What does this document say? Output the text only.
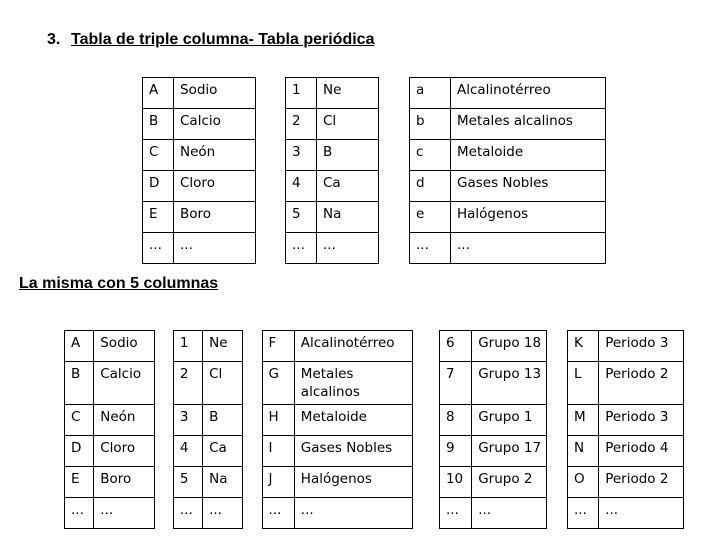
3. Tabla de triple columna- Tabla periódica
A	Sodio		1	Ne		a	Alcalinotérreo
B	Calcio		2	Cl		b	Metales alcalinos
C	Neón		3	B		c	Metaloide
D	Cloro		4	Ca		d	Gases Nobles
E	Boro		5	Na		e	Halógenos
...	...		...	...		...	...
La misma con 5 columnas
A	Sodio		1	Ne		F	Alcalinotérreo		6	Grupo 18		K	Periodo 3
B	Calcio		2	Cl		G	Metales alcalinos		7	Grupo 13		L	Periodo 2
C	Neón		3	B		H	Metaloide		8	Grupo 1		M	Periodo 3
D	Cloro		4	Ca		I	Gases Nobles		9	Grupo 17		N	Periodo 4
E	Boro		5	Na		J	Halógenos		10	Grupo 2		O	Periodo 2
...	...		...	...		...	...		...	...		...	...
